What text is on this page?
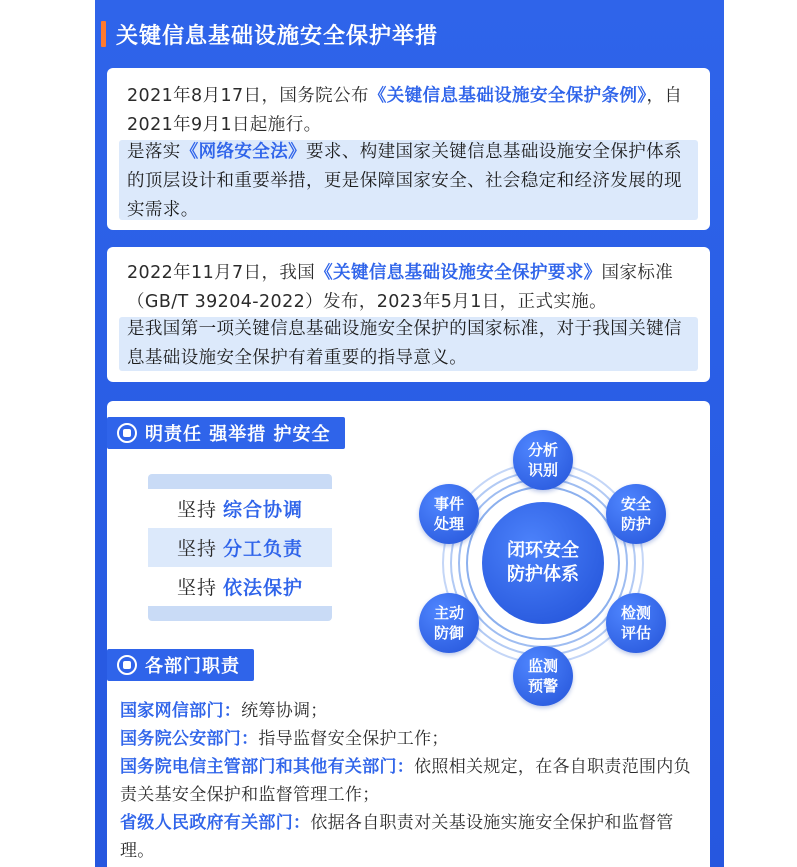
关键信息基础设施安全保护举措
2021年8月17日，国务院公布《关键信息基础设施安全保护条例》，自2021年9月1日起施行。
是落实《网络安全法》要求、构建国家关键信息基础设施安全保护体系的顶层设计和重要举措，更是保障国家安全、社会稳定和经济发展的现实需求。
2022年11月7日，我国《关键信息基础设施安全保护要求》国家标准（GB/T 39204-2022）发布，2023年5月1日，正式实施。
是我国第一项关键信息基础设施安全保护的国家标准，对于我国关键信息基础设施安全保护有着重要的指导意义。
明责任 强举措 护安全
坚持 综合协调
坚持 分工负责
坚持 依法保护
闭环安全
防护体系
分析
识别
安全
防护
检测
评估
监测
预警
主动
防御
事件
处理
各部门职责
国家网信部门：统筹协调；
国务院公安部门：指导监督安全保护工作；
国务院电信主管部门和其他有关部门：依照相关规定，在各自职责范围内负责关基安全保护和监督管理工作；
省级人民政府有关部门：依据各自职责对关基设施实施安全保护和监督管理。
